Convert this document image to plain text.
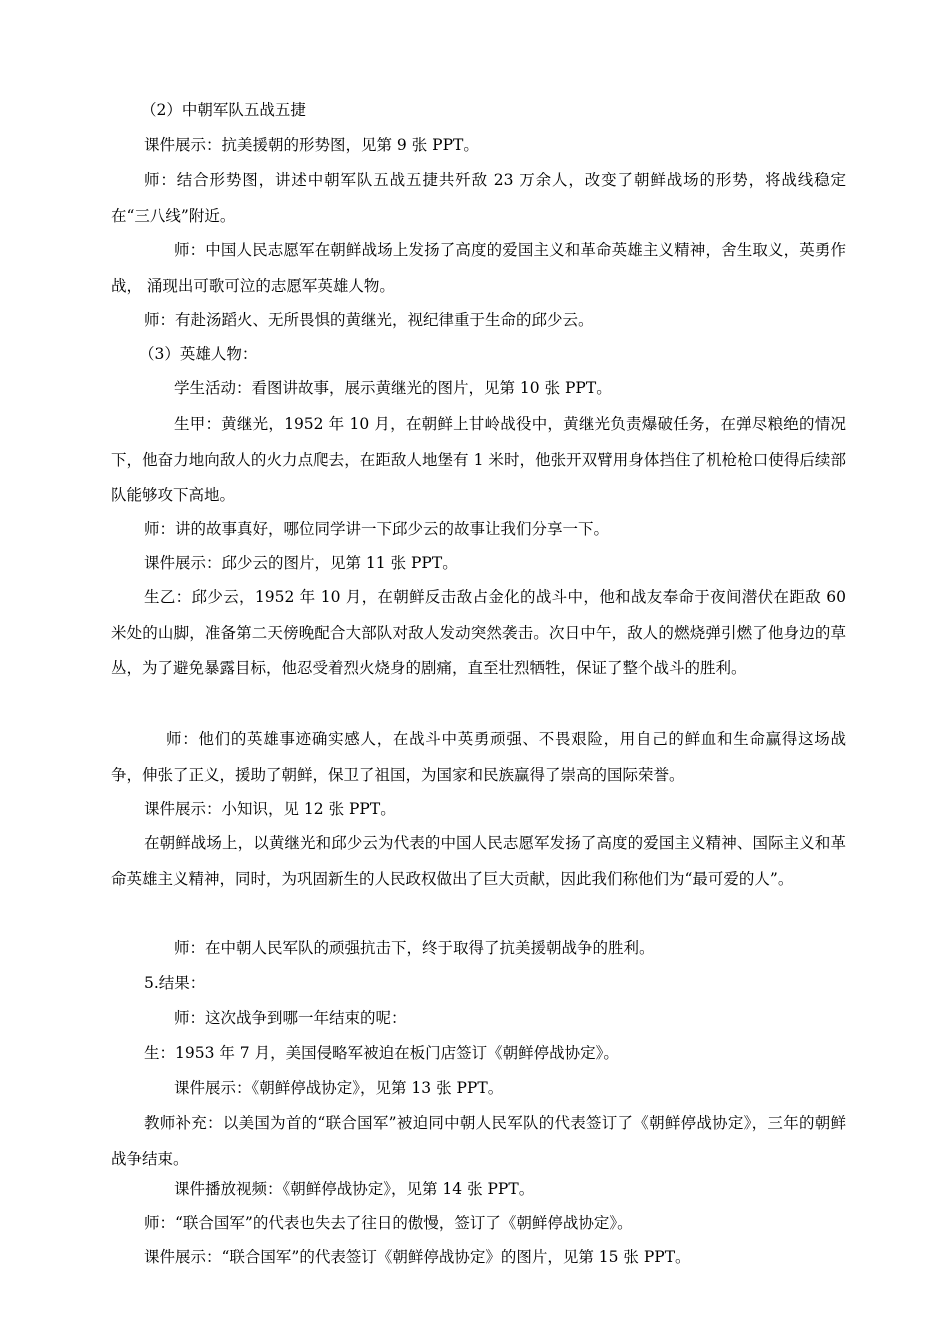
（2）中朝军队五战五捷
课件展示：抗美援朝的形势图，见第 9 张 PPT。
师：结合形势图，讲述中朝军队五战五捷共歼敌 23 万余人，改变了朝鲜战场的形势，将战线稳定在“三八线”附近。
师：中国人民志愿军在朝鲜战场上发扬了高度的爱国主义和革命英雄主义精神，舍生取义，英勇作战， 涌现出可歌可泣的志愿军英雄人物。
师：有赴汤蹈火、无所畏惧的黄继光，视纪律重于生命的邱少云。
（3）英雄人物：
学生活动：看图讲故事，展示黄继光的图片，见第 10 张 PPT。
生甲：黄继光，1952 年 10 月，在朝鲜上甘岭战役中，黄继光负责爆破任务，在弹尽粮绝的情况下，他奋力地向敌人的火力点爬去，在距敌人地堡有 1 米时，他张开双臂用身体挡住了机枪枪口使得后续部队能够攻下高地。
师：讲的故事真好，哪位同学讲一下邱少云的故事让我们分享一下。
课件展示：邱少云的图片，见第 11 张 PPT。
生乙：邱少云，1952 年 10 月，在朝鲜反击敌占金化的战斗中，他和战友奉命于夜间潜伏在距敌 60 米处的山脚，准备第二天傍晚配合大部队对敌人发动突然袭击。次日中午，敌人的燃烧弹引燃了他身边的草丛，为了避免暴露目标，他忍受着烈火烧身的剧痛，直至壮烈牺牲，保证了整个战斗的胜利。
师：他们的英雄事迹确实感人，在战斗中英勇顽强、不畏艰险，用自己的鲜血和生命赢得这场战争，伸张了正义，援助了朝鲜，保卫了祖国，为国家和民族赢得了崇高的国际荣誉。
课件展示：小知识，见 12 张 PPT。
在朝鲜战场上，以黄继光和邱少云为代表的中国人民志愿军发扬了高度的爱国主义精神、国际主义和革命英雄主义精神，同时，为巩固新生的人民政权做出了巨大贡献，因此我们称他们为“最可爱的人”。
师：在中朝人民军队的顽强抗击下，终于取得了抗美援朝战争的胜利。
5.结果：
师：这次战争到哪一年结束的呢：
生：1953 年 7 月，美国侵略军被迫在板门店签订《朝鲜停战协定》。
课件展示：《朝鲜停战协定》，见第 13 张 PPT。
教师补充：以美国为首的“联合国军”被迫同中朝人民军队的代表签订了《朝鲜停战协定》，三年的朝鲜战争结束。
课件播放视频：《朝鲜停战协定》，见第 14 张 PPT。
师：“联合国军”的代表也失去了往日的傲慢，签订了《朝鲜停战协定》。
课件展示：“联合国军”的代表签订《朝鲜停战协定》的图片，见第 15 张 PPT。
